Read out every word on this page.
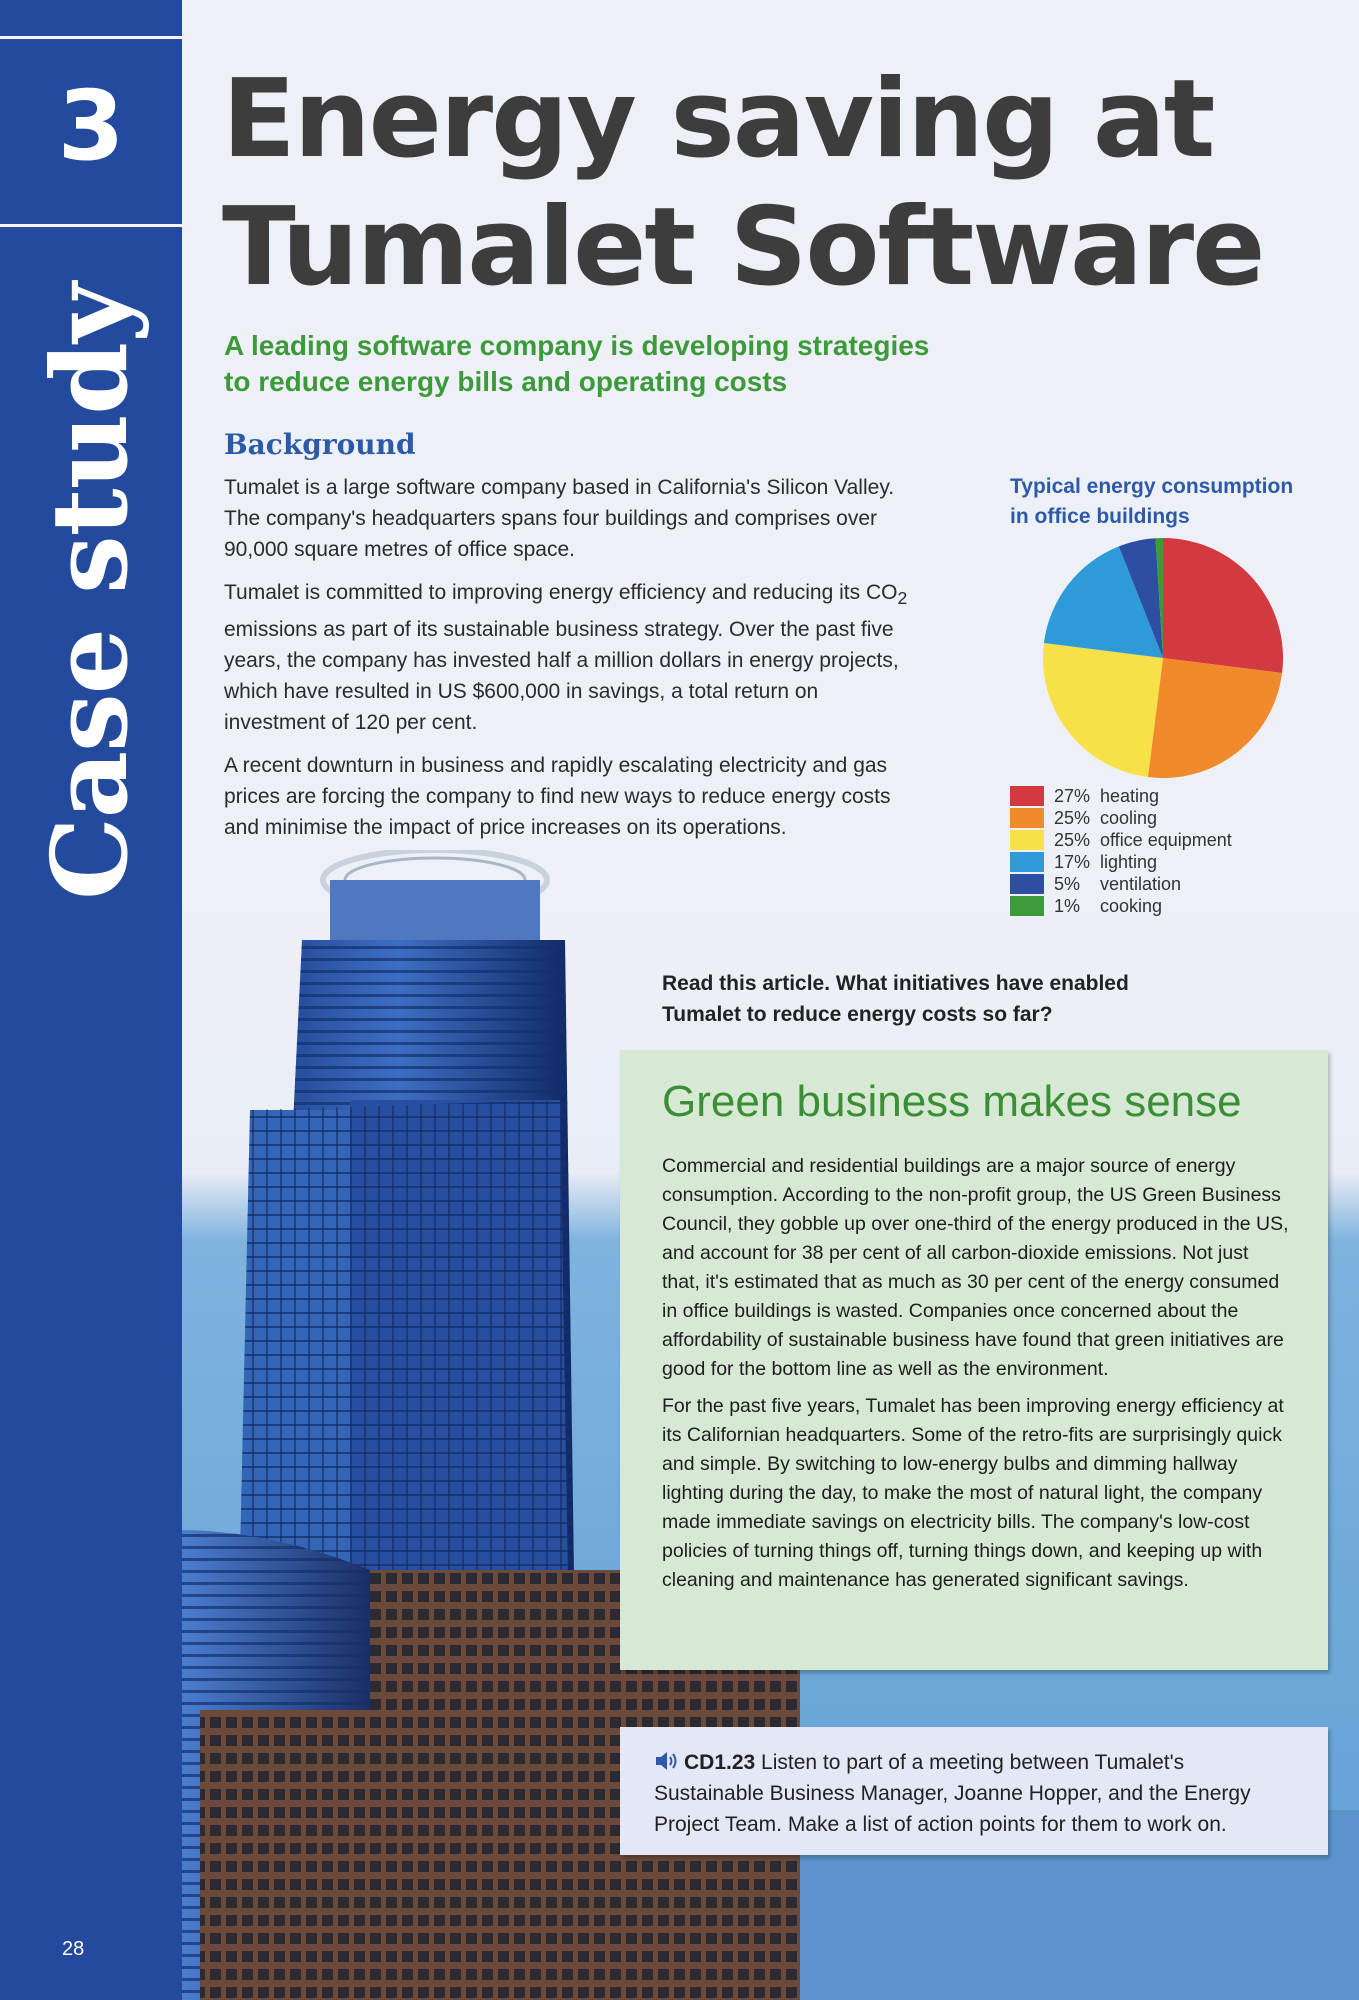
3
Case study
Energy saving at
Tumalet Software
A leading software company is developing strategies
to reduce energy bills and operating costs
Background

Tumalet is a large software company based in California's Silicon Valley. The company's headquarters spans four buildings and comprises over 90,000 square metres of office space.

Tumalet is committed to improving energy efficiency and reducing its $CO_2$ emissions as part of its sustainable business strategy. Over the past five years, the company has invested half a million dollars in energy projects, which have resulted in US $600,000 in savings, a total return on investment of 120 per cent.

A recent downturn in business and rapidly escalating electricity and gas prices are forcing the company to find new ways to reduce energy costs and minimise the impact of price increases on its operations.

Typical energy consumption
in office buildings
27% heating
25% cooling
25% office equipment
17% lighting
5%	ventilation
1%	cooking
Read this article. What initiatives have enabled
Tumalet to reduce energy costs so far?
Green business makes sense

Commercial and residential buildings are a major source of energy consumption. According to the non-profit group, the US Green Business Council, they gobble up over one-third of the energy produced in the US, and account for 38 per cent of all carbon-dioxide emissions. Not just that, it's estimated that as much as 30 per cent of the energy consumed in office buildings is wasted. Companies once concerned about the affordability of sustainable business have found that green initiatives are good for the bottom line as well as the environment.

For the past five years, Tumalet has been improving energy efficiency at its Californian headquarters. Some of the retro-fits are surprisingly quick and simple. By switching to low-energy bulbs and dimming hallway lighting during the day, to make the most of natural light, the company made immediate savings on electricity bills. The company's low-cost policies of turning things off, turning things down, and keeping up with cleaning and maintenance has generated significant savings.

CD1.23 Listen to part of a meeting between Tumalet's Sustainable Business Manager, Joanne Hopper, and the Energy Project Team. Make a list of action points for them to work on.
28
